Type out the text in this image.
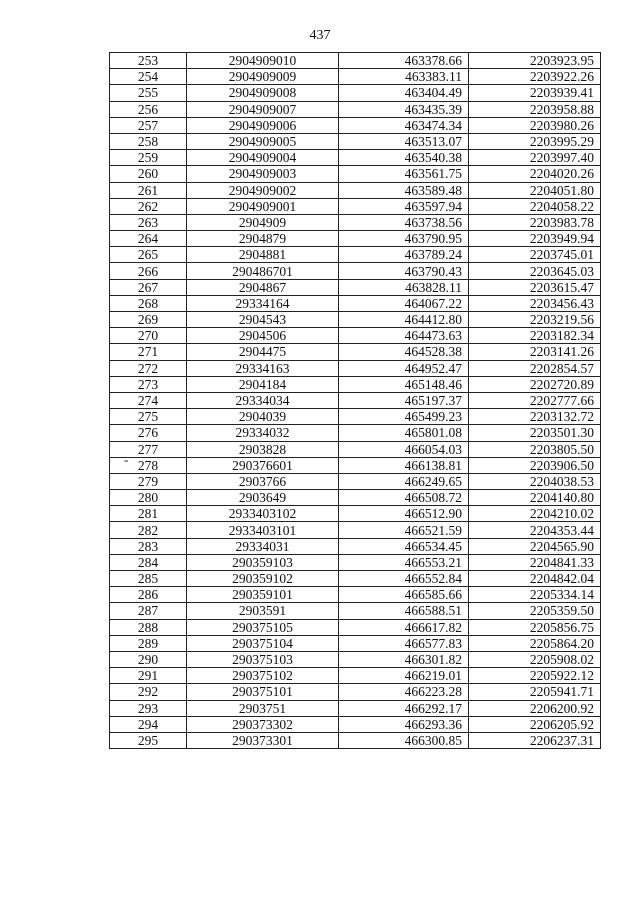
437
-
253	2904909010	463378.66	2203923.95
254	2904909009	463383.11	2203922.26
255	2904909008	463404.49	2203939.41
256	2904909007	463435.39	2203958.88
257	2904909006	463474.34	2203980.26
258	2904909005	463513.07	2203995.29
259	2904909004	463540.38	2203997.40
260	2904909003	463561.75	2204020.26
261	2904909002	463589.48	2204051.80
262	2904909001	463597.94	2204058.22
263	2904909	463738.56	2203983.78
264	2904879	463790.95	2203949.94
265	2904881	463789.24	2203745.01
266	290486701	463790.43	2203645.03
267	2904867	463828.11	2203615.47
268	29334164	464067.22	2203456.43
269	2904543	464412.80	2203219.56
270	2904506	464473.63	2203182.34
271	2904475	464528.38	2203141.26
272	29334163	464952.47	2202854.57
273	2904184	465148.46	2202720.89
274	29334034	465197.37	2202777.66
275	2904039	465499.23	2203132.72
276	29334032	465801.08	2203501.30
277	2903828	466054.03	2203805.50
278	290376601	466138.81	2203906.50
279	2903766	466249.65	2204038.53
280	2903649	466508.72	2204140.80
281	2933403102	466512.90	2204210.02
282	2933403101	466521.59	2204353.44
283	29334031	466534.45	2204565.90
284	290359103	466553.21	2204841.33
285	290359102	466552.84	2204842.04
286	290359101	466585.66	2205334.14
287	2903591	466588.51	2205359.50
288	290375105	466617.82	2205856.75
289	290375104	466577.83	2205864.20
290	290375103	466301.82	2205908.02
291	290375102	466219.01	2205922.12
292	290375101	466223.28	2205941.71
293	2903751	466292.17	2206200.92
294	290373302	466293.36	2206205.92
295	290373301	466300.85	2206237.31
